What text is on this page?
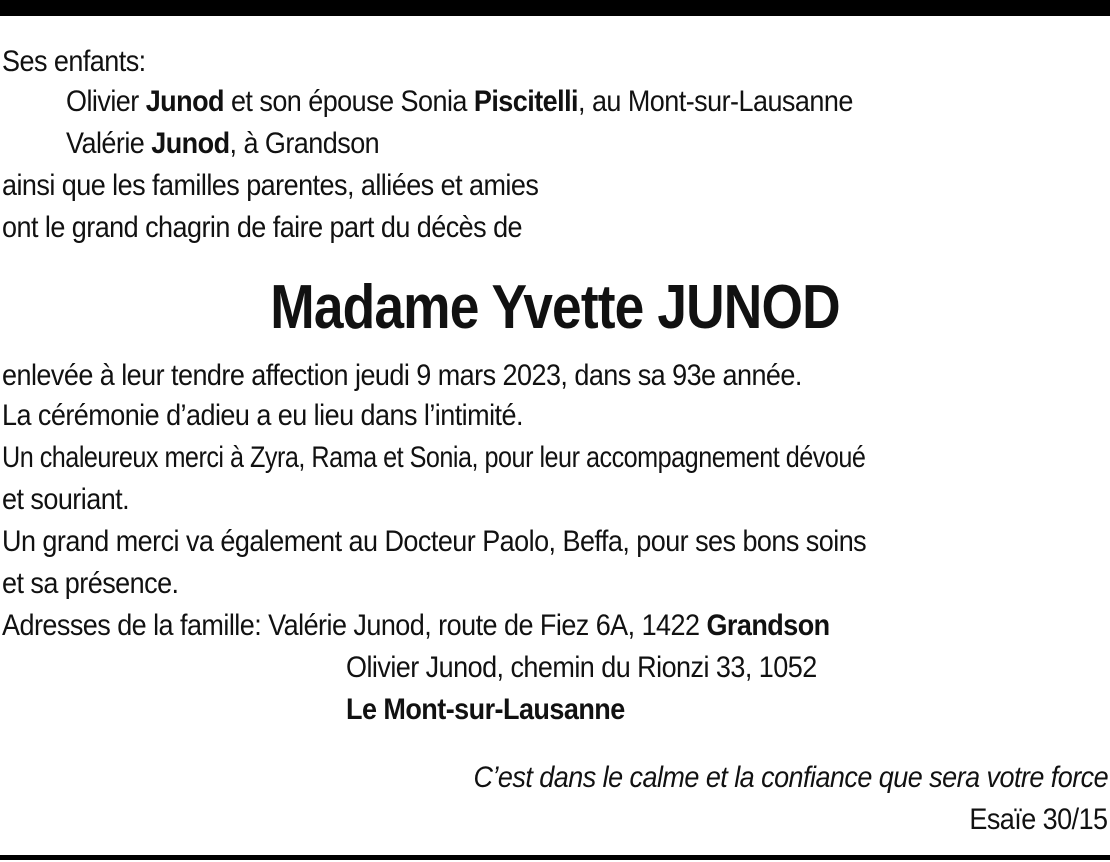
Ses enfants:
Olivier Junod et son épouse Sonia Piscitelli, au Mont-sur-Lausanne
Valérie Junod, à Grandson
ainsi que les familles parentes, alliées et amies
ont le grand chagrin de faire part du décès de
Madame Yvette JUNOD
enlevée à leur tendre affection jeudi 9 mars 2023, dans sa 93e année.
La cérémonie d’adieu a eu lieu dans l’intimité.
Un chaleureux merci à Zyra, Rama et Sonia, pour leur accompagnement dévoué
et souriant.
Un grand merci va également au Docteur Paolo, Beffa, pour ses bons soins
et sa présence.
Adresses de la famille: Valérie Junod, route de Fiez 6A, 1422 Grandson
Olivier Junod, chemin du Rionzi 33, 1052
Le Mont-sur-Lausanne
C’est dans le calme et la confiance que sera votre force
Esaïe 30/15
